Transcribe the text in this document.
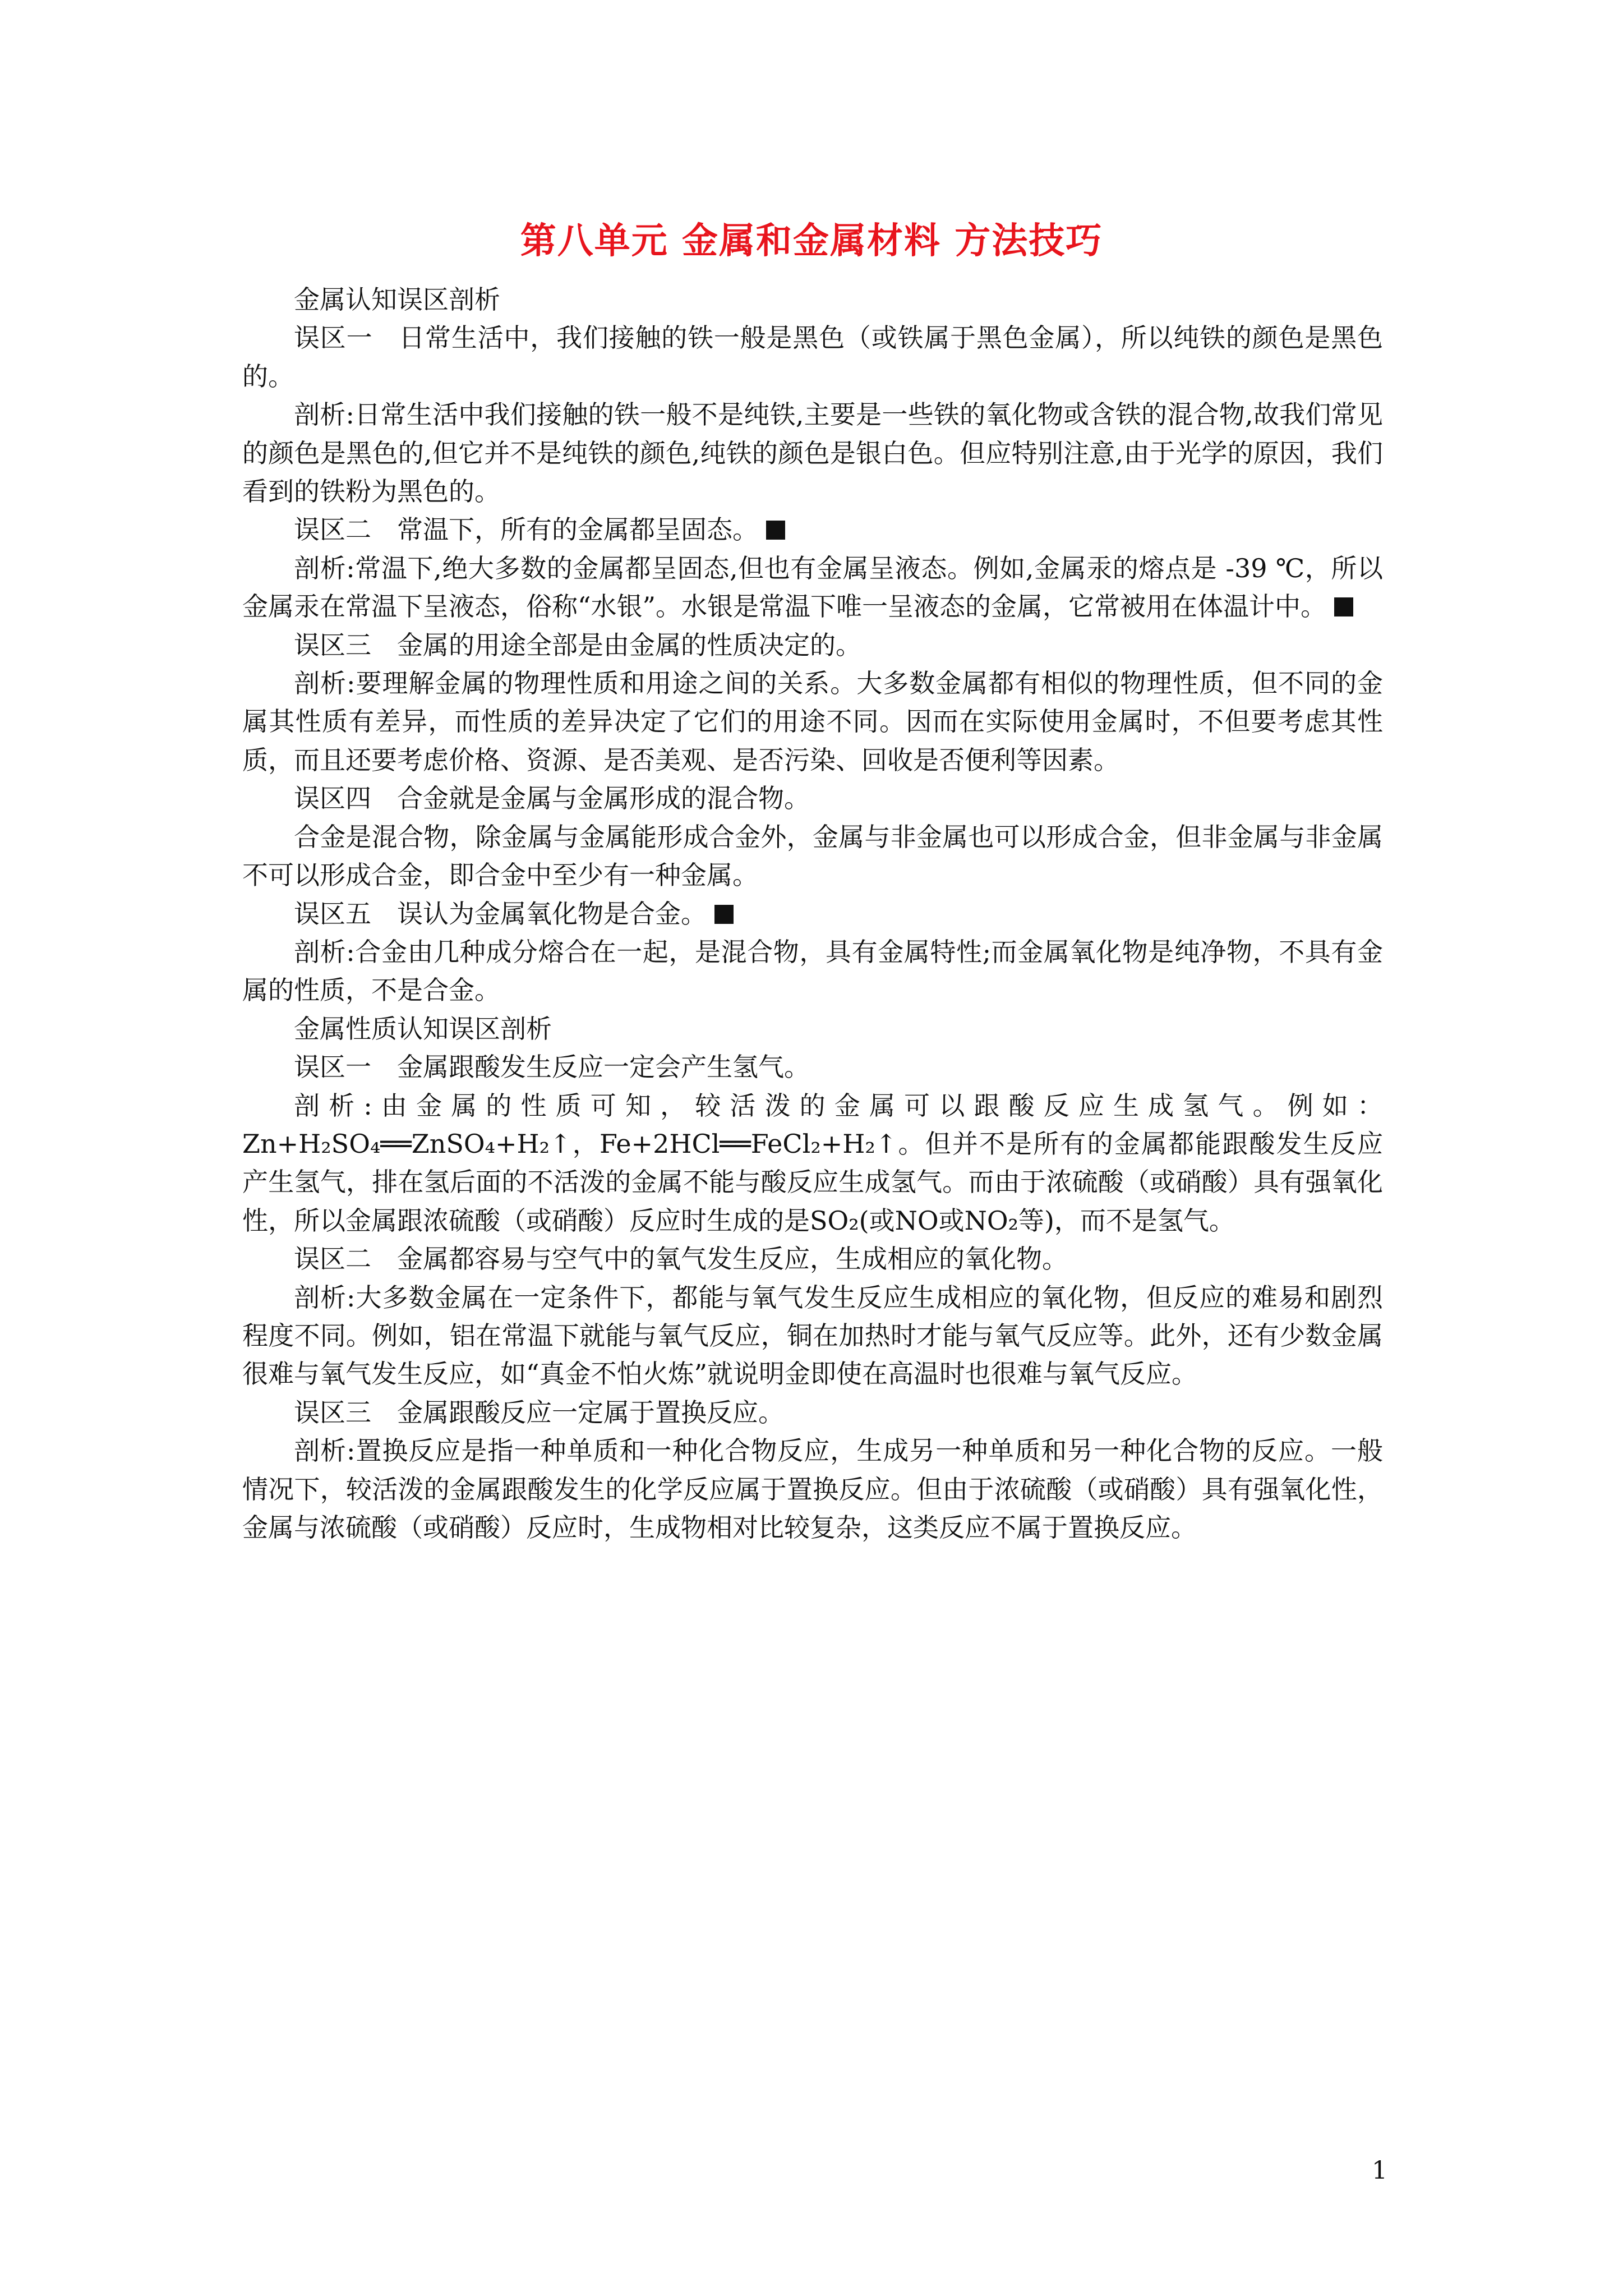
第八单元 金属和金属材料 方法技巧

金属认知误区剖析

误区一　日常生活中，我们接触的铁一般是黑色（或铁属于黑色金属），所以纯铁的颜色是黑色的。

剖析:日常生活中我们接触的铁一般不是纯铁,主要是一些铁的氧化物或含铁的混合物,故我们常见的颜色是黑色的,但它并不是纯铁的颜色,纯铁的颜色是银白色。但应特别注意,由于光学的原因，我们看到的铁粉为黑色的。

误区二　常温下，所有的金属都呈固态。

剖析:常温下,绝大多数的金属都呈固态,但也有金属呈液态。例如,金属汞的熔点是 -39 ℃，所以金属汞在常温下呈液态，俗称“水银”。水银是常温下唯一呈液态的金属，它常被用在体温计中。

误区三　金属的用途全部是由金属的性质决定的。

剖析:要理解金属的物理性质和用途之间的关系。大多数金属都有相似的物理性质，但不同的金属其性质有差异，而性质的差异决定了它们的用途不同。因而在实际使用金属时，不但要考虑其性质，而且还要考虑价格、资源、是否美观、是否污染、回收是否便利等因素。

误区四　合金就是金属与金属形成的混合物。

合金是混合物，除金属与金属能形成合金外，金属与非金属也可以形成合金，但非金属与非金属不可以形成合金，即合金中至少有一种金属。

误区五　误认为金属氧化物是合金。

剖析:合金由几种成分熔合在一起，是混合物，具有金属特性;而金属氧化物是纯净物，不具有金属的性质，不是合金。

金属性质认知误区剖析

误区一　金属跟酸发生反应一定会产生氢气。

剖析:由金属的性质可知，较活泼的金属可以跟酸反应生成氢气。例如：Zn+H₂SO₄══ZnSO₄+H₂↑，Fe+2HCl══FeCl₂+H₂↑。但并不是所有的金属都能跟酸发生反应产生氢气，排在氢后面的不活泼的金属不能与酸反应生成氢气。而由于浓硫酸（或硝酸）具有强氧化性，所以金属跟浓硫酸（或硝酸）反应时生成的是SO₂(或NO或NO₂等)，而不是氢气。

误区二　金属都容易与空气中的氧气发生反应，生成相应的氧化物。

剖析:大多数金属在一定条件下，都能与氧气发生反应生成相应的氧化物，但反应的难易和剧烈程度不同。例如，铝在常温下就能与氧气反应，铜在加热时才能与氧气反应等。此外，还有少数金属很难与氧气发生反应，如“真金不怕火炼”就说明金即使在高温时也很难与氧气反应。

误区三　金属跟酸反应一定属于置换反应。

剖析:置换反应是指一种单质和一种化合物反应，生成另一种单质和另一种化合物的反应。一般情况下，较活泼的金属跟酸发生的化学反应属于置换反应。但由于浓硫酸（或硝酸）具有强氧化性，金属与浓硫酸（或硝酸）反应时，生成物相对比较复杂，这类反应不属于置换反应。

1
